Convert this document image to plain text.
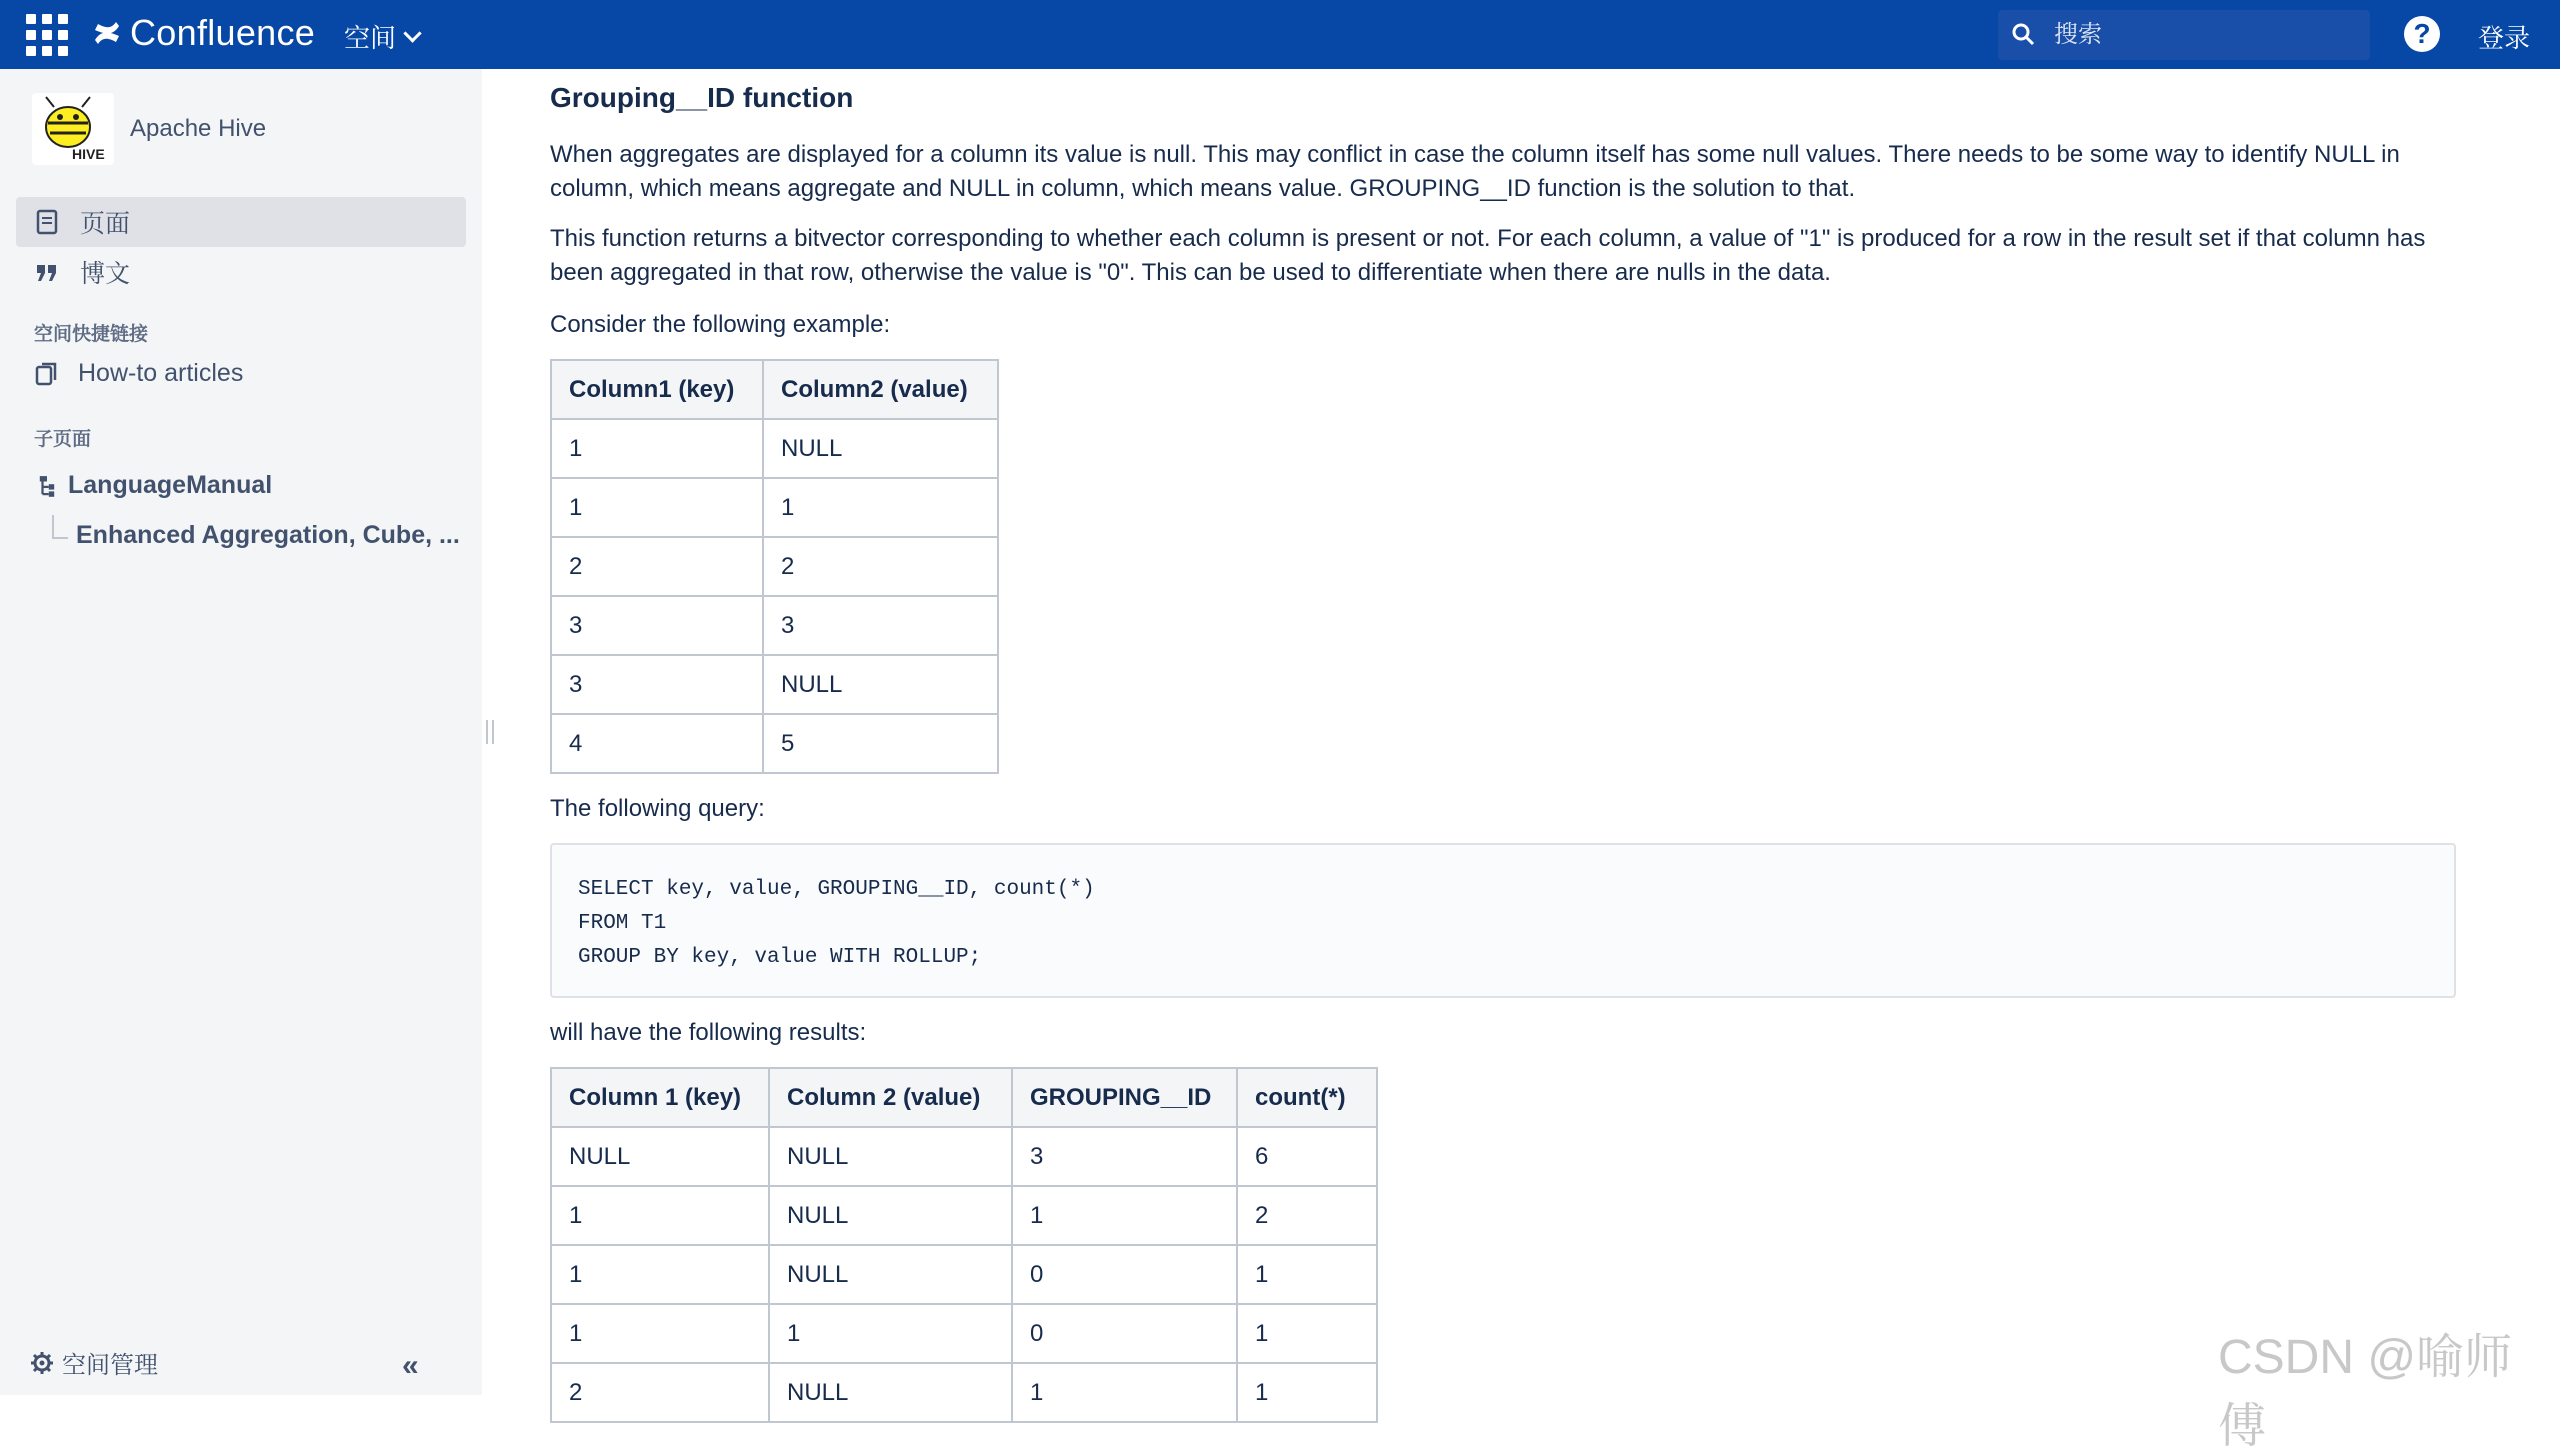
Confluence 空间
搜索	?	登录
HIVE
Apache Hive
页面
博文
空间快捷链接
How-to articles
子页面
LanguageManual
Enhanced Aggregation, Cube, ...
空间管理	«
Grouping__ID function

When aggregates are displayed for a column its value is null. This may conflict in case the column itself has some null values. There needs to be some way to identify NULL in column, which means aggregate and NULL in column, which means value. GROUPING__ID function is the solution to that.

This function returns a bitvector corresponding to whether each column is present or not. For each column, a value of "1" is produced for a row in the result set if that column has been aggregated in that row, otherwise the value is "0". This can be used to differentiate when there are nulls in the data.

Consider the following example:

Column1 (key)	Column2 (value)
1	NULL
1	1
2	2
3	3
3	NULL
4	5

The following query:

SELECT key, value, GROUPING__ID, count(*)
FROM T1
GROUP BY key, value WITH ROLLUP;

will have the following results:

Column 1 (key)	Column 2 (value)	GROUPING__ID	count(*)
NULL	NULL	3	6
1	NULL	1	2
1	NULL	0	1
1	1	0	1
2	NULL	1	1
CSDN @喻师傅
